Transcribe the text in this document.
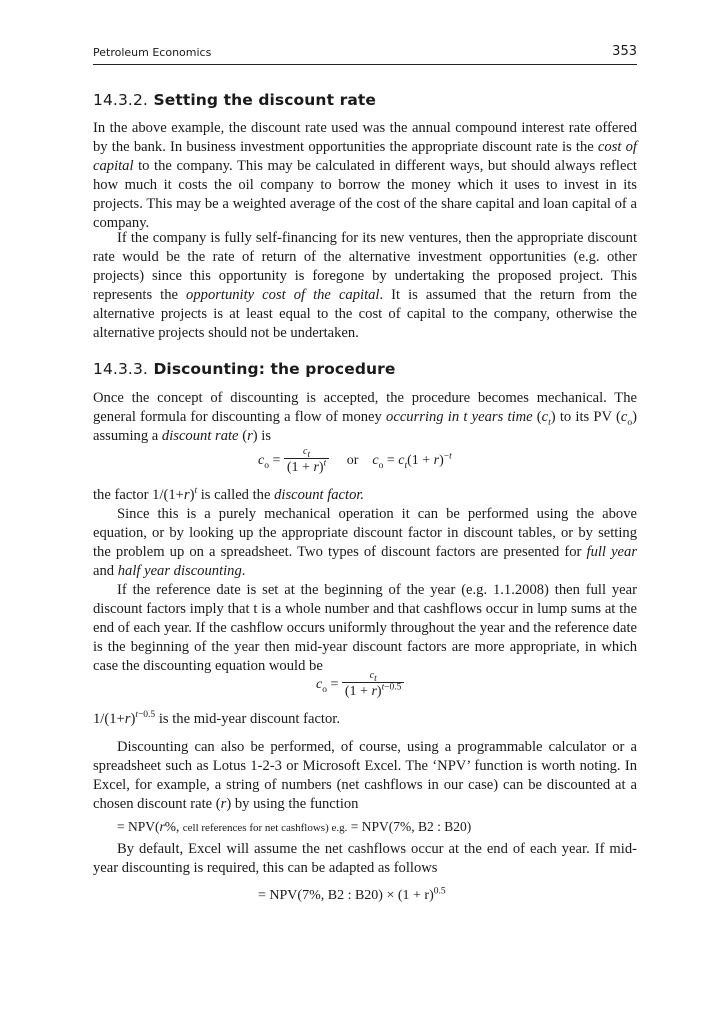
Petroleum Economics	353
14.3.2. Setting the discount rate

In the above example, the discount rate used was the annual compound interest rate offered by the bank. In business investment opportunities the appropriate discount rate is the cost of capital to the company. This may be calculated in different ways, but should always reflect how much it costs the oil company to borrow the money which it uses to invest in its projects. This may be a weighted average of the cost of the share capital and loan capital of a company.

If the company is fully self-financing for its new ventures, then the appropriate discount rate would be the rate of return of the alternative investment opportunities (e.g. other projects) since this opportunity is foregone by undertaking the proposed project. This represents the opportunity cost of the capital. It is assumed that the return from the alternative projects is at least equal to the cost of capital to the company, otherwise the alternative projects should not be undertaken.

14.3.3. Discounting: the procedure

Once the concept of discounting is accepted, the procedure becomes mechanical. The general formula for discounting a flow of money occurring in t years time $(c_t)$ to its PV $(c_o)$ assuming a discount rate (r) is

$c_o = \frac{c_t}{(1 + r)^t}$ or $c_o = c_t(1 + r)^{-t}$

the factor $1/(1+r)^t$ is called the discount factor.

Since this is a purely mechanical operation it can be performed using the above equation, or by looking up the appropriate discount factor in discount tables, or by setting the problem up on a spreadsheet. Two types of discount factors are presented for full year and half year discounting.

If the reference date is set at the beginning of the year (e.g. 1.1.2008) then full year discount factors imply that t is a whole number and that cashflows occur in lump sums at the end of each year. If the cashflow occurs uniformly throughout the year and the reference date is the beginning of the year then mid-year discount factors are more appropriate, in which case the discounting equation would be

$c_o = \frac{c_t}{(1 + r)^{t-0.5}}$

$1/(1+r)^{t-0.5}$ is the mid-year discount factor.

Discounting can also be performed, of course, using a programmable calculator or a spreadsheet such as Lotus 1-2-3 or Microsoft Excel. The ‘NPV’ function is worth noting. In Excel, for example, a string of numbers (net cashflows in our case) can be discounted at a chosen discount rate (r) by using the function

= NPV(r%, cell references for net cashflows) e.g. = NPV(7%, B2 : B20)

By default, Excel will assume the net cashflows occur at the end of each year. If mid-year discounting is required, this can be adapted as follows

= NPV(7%, B2 : $B20) \times (1 + r)^{0.5}$
